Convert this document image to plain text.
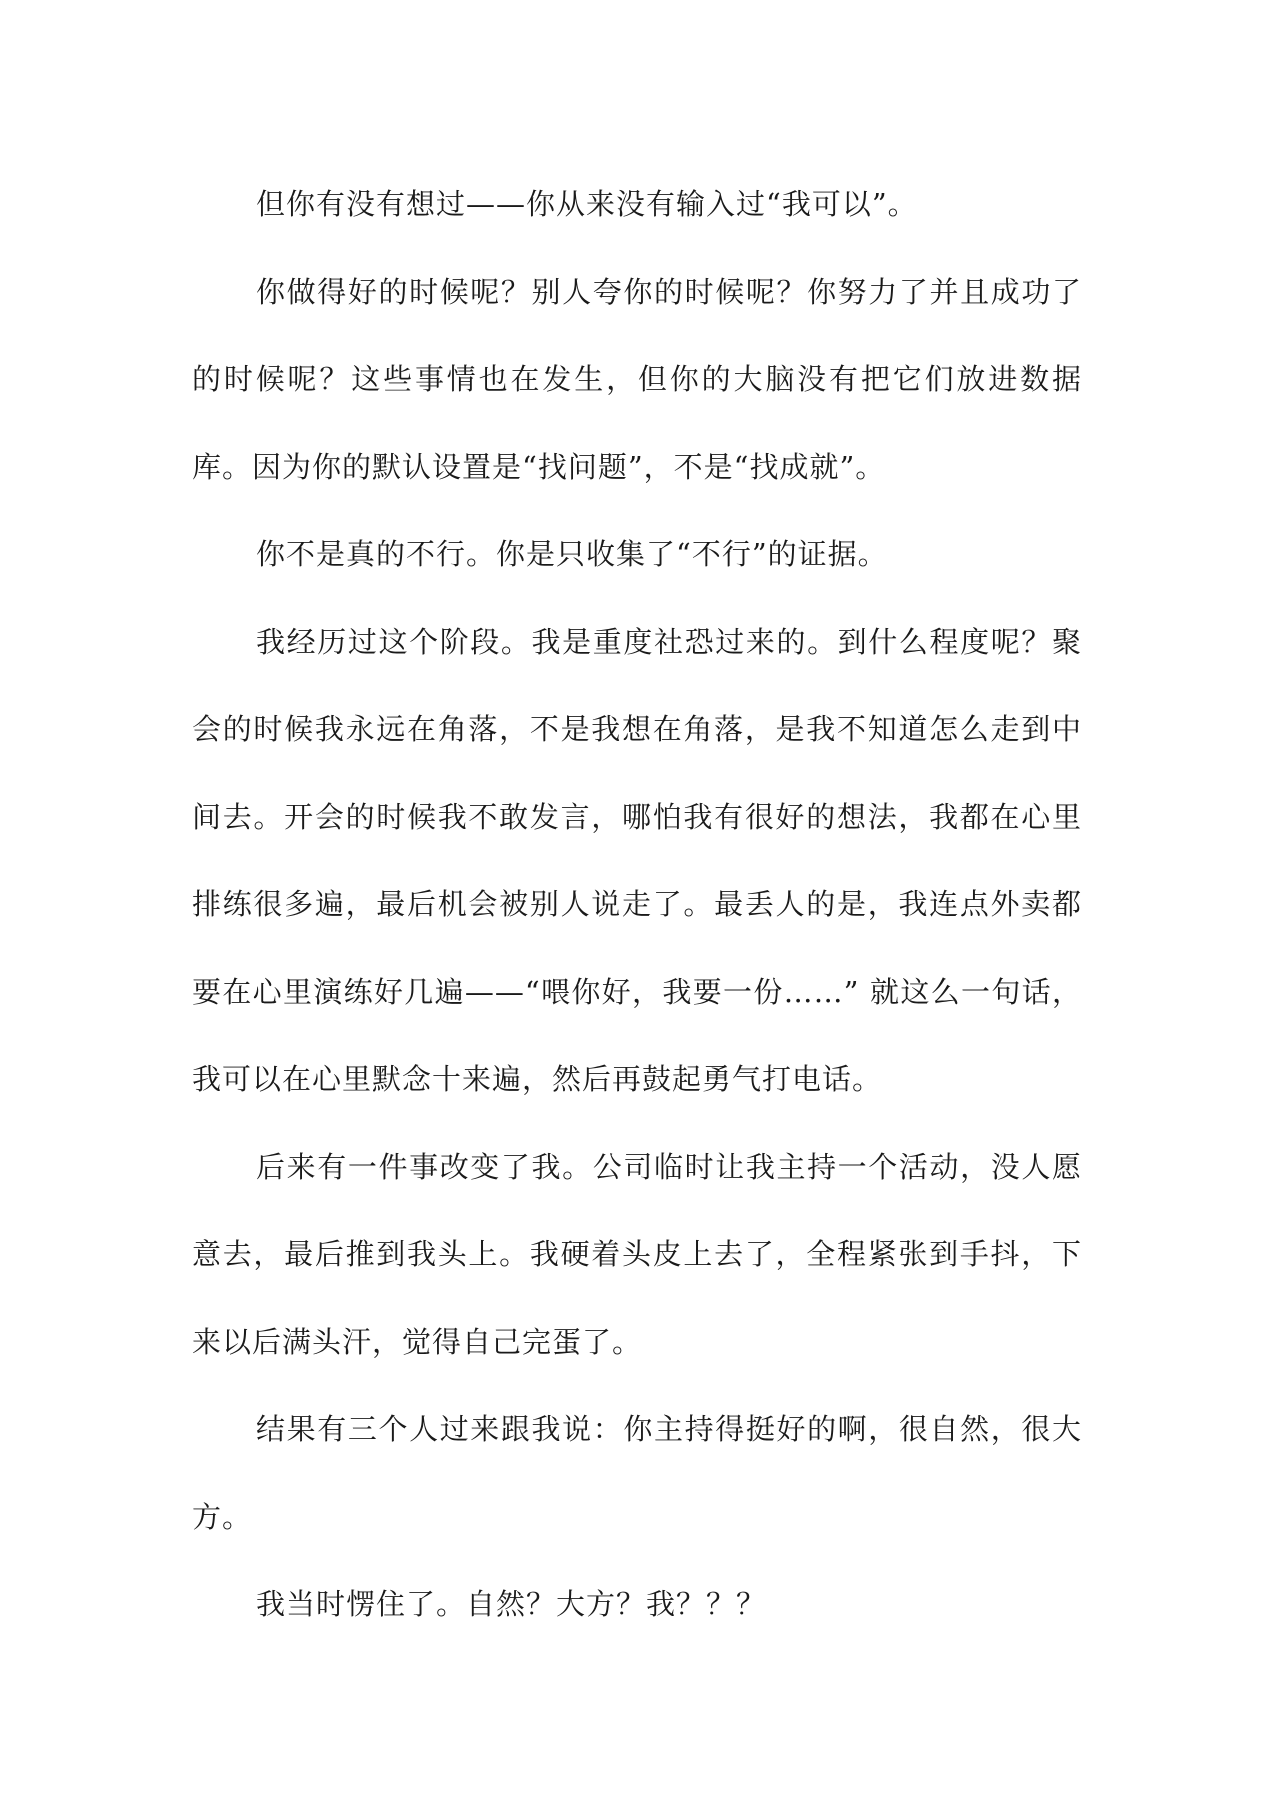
但你有没有想过——你从来没有输入过“我可以”。

你做得好的时候呢？别人夸你的时候呢？你努力了并且成功了的时候呢？这些事情也在发生，但你的大脑没有把它们放进数据库。因为你的默认设置是“找问题”，不是“找成就”。

你不是真的不行。你是只收集了“不行”的证据。

我经历过这个阶段。我是重度社恐过来的。到什么程度呢？聚会的时候我永远在角落，不是我想在角落，是我不知道怎么走到中间去。开会的时候我不敢发言，哪怕我有很好的想法，我都在心里排练很多遍，最后机会被别人说走了。最丢人的是，我连点外卖都要在心里演练好几遍——“喂你好，我要一份……” 就这么一句话，我可以在心里默念十来遍，然后再鼓起勇气打电话。

后来有一件事改变了我。公司临时让我主持一个活动，没人愿意去，最后推到我头上。我硬着头皮上去了，全程紧张到手抖，下来以后满头汗，觉得自己完蛋了。

结果有三个人过来跟我说：你主持得挺好的啊，很自然，很大方。

我当时愣住了。自然？大方？我？？？
